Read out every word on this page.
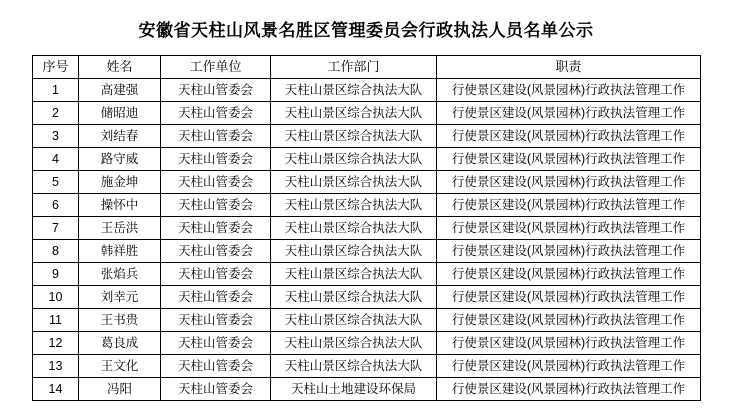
安徽省天柱山风景名胜区管理委员会行政执法人员名单公示
序号	姓名	工作单位	工作部门	职责
1	高建强	天柱山管委会	天柱山景区综合执法大队	行使景区建设(风景园林)行政执法管理工作
2	储昭迪	天柱山管委会	天柱山景区综合执法大队	行使景区建设(风景园林)行政执法管理工作
3	刘结春	天柱山管委会	天柱山景区综合执法大队	行使景区建设(风景园林)行政执法管理工作
4	路守威	天柱山管委会	天柱山景区综合执法大队	行使景区建设(风景园林)行政执法管理工作
5	施金坤	天柱山管委会	天柱山景区综合执法大队	行使景区建设(风景园林)行政执法管理工作
6	操怀中	天柱山管委会	天柱山景区综合执法大队	行使景区建设(风景园林)行政执法管理工作
7	王岳洪	天柱山管委会	天柱山景区综合执法大队	行使景区建设(风景园林)行政执法管理工作
8	韩祥胜	天柱山管委会	天柱山景区综合执法大队	行使景区建设(风景园林)行政执法管理工作
9	张焰兵	天柱山管委会	天柱山景区综合执法大队	行使景区建设(风景园林)行政执法管理工作
10	刘幸元	天柱山管委会	天柱山景区综合执法大队	行使景区建设(风景园林)行政执法管理工作
11	王书贵	天柱山管委会	天柱山景区综合执法大队	行使景区建设(风景园林)行政执法管理工作
12	葛良成	天柱山管委会	天柱山景区综合执法大队	行使景区建设(风景园林)行政执法管理工作
13	王文化	天柱山管委会	天柱山景区综合执法大队	行使景区建设(风景园林)行政执法管理工作
14	冯阳	天柱山管委会	天柱山土地建设环保局	行使景区建设(风景园林)行政执法管理工作
